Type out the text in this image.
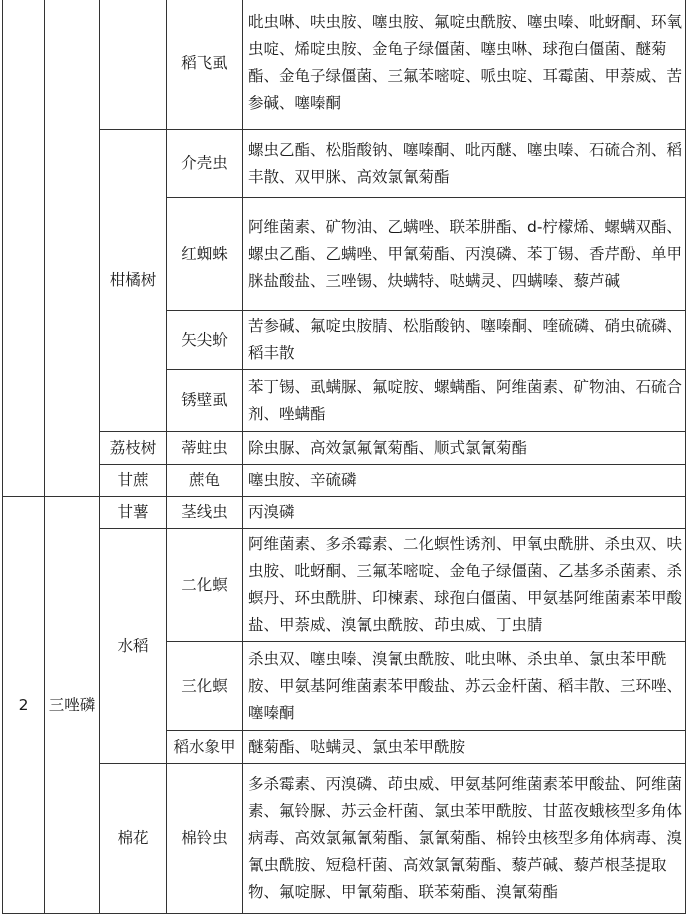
			稻飞虱	吡虫啉、呋虫胺、噻虫胺、氟啶虫酰胺、噻虫嗪、吡蚜酮、环氧虫啶、烯啶虫胺、金龟子绿僵菌、噻虫啉、球孢白僵菌、醚菊酯、金龟子绿僵菌、三氟苯嘧啶、哌虫啶、耳霉菌、甲萘威、苦参碱、噻嗪酮
		柑橘树	介壳虫	螺虫乙酯、松脂酸钠、噻嗪酮、吡丙醚、噻虫嗪、石硫合剂、稻丰散、双甲脒、高效氯氰菊酯
			红蜘蛛	阿维菌素、矿物油、乙螨唑、联苯肼酯、d-柠檬烯、螺螨双酯、螺虫乙酯、乙螨唑、甲氰菊酯、丙溴磷、苯丁锡、香芹酚、单甲脒盐酸盐、三唑锡、炔螨特、哒螨灵、四螨嗪、藜芦碱
			矢尖蚧	苦参碱、氟啶虫胺腈、松脂酸钠、噻嗪酮、喹硫磷、硝虫硫磷、稻丰散
			锈壁虱	苯丁锡、虱螨脲、氟啶胺、螺螨酯、阿维菌素、矿物油、石硫合剂、唑螨酯
		荔枝树	蒂蛀虫	除虫脲、高效氯氟氰菊酯、顺式氯氰菊酯
		甘蔗	蔗龟	噻虫胺、辛硫磷
2	三唑磷	甘薯	茎线虫	丙溴磷
		水稻	二化螟	阿维菌素、多杀霉素、二化螟性诱剂、甲氧虫酰肼、杀虫双、呋虫胺、吡蚜酮、三氟苯嘧啶、金龟子绿僵菌、乙基多杀菌素、杀螟丹、环虫酰肼、印楝素、球孢白僵菌、甲氨基阿维菌素苯甲酸盐、甲萘威、溴氰虫酰胺、茚虫威、丁虫腈
			三化螟	杀虫双、噻虫嗪、溴氰虫酰胺、吡虫啉、杀虫单、氯虫苯甲酰胺、甲氨基阿维菌素苯甲酸盐、苏云金杆菌、稻丰散、三环唑、噻嗪酮
			稻水象甲	醚菊酯、哒螨灵、氯虫苯甲酰胺
		棉花	棉铃虫	多杀霉素、丙溴磷、茚虫威、甲氨基阿维菌素苯甲酸盐、阿维菌素、氟铃脲、苏云金杆菌、氯虫苯甲酰胺、甘蓝夜蛾核型多角体病毒、高效氯氟氰菊酯、氯氰菊酯、棉铃虫核型多角体病毒、溴氰虫酰胺、短稳杆菌、高效氯氰菊酯、藜芦碱、藜芦根茎提取物、氟啶脲、甲氰菊酯、联苯菊酯、溴氰菊酯
